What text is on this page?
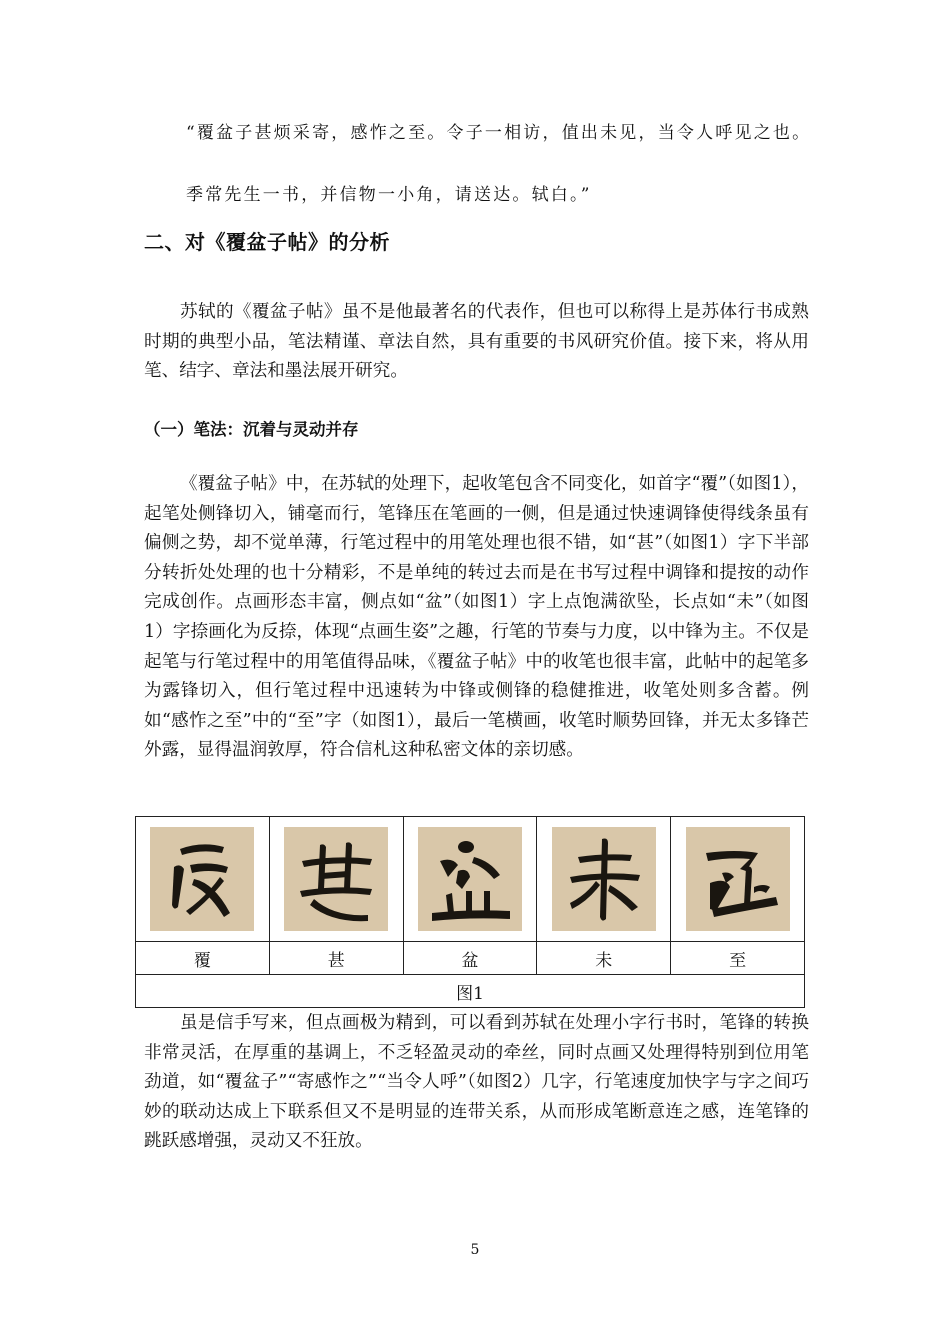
“覆盆子甚烦采寄，感怍之至。令子一相访，值出未见，当令人呼见之也。
季常先生一书，并信物一小角，请送达。轼白。”
二、对《覆盆子帖》的分析

苏轼的《覆盆子帖》虽不是他最著名的代表作，但也可以称得上是苏体行书成熟时期的典型小品，笔法精谨、章法自然，具有重要的书风研究价值。接下来，将从用笔、结字、章法和墨法展开研究。

（一）笔法：沉着与灵动并存

《覆盆子帖》中，在苏轼的处理下，起收笔包含不同变化，如首字“覆”（如图1），起笔处侧锋切入，铺毫而行，笔锋压在笔画的一侧，但是通过快速调锋使得线条虽有偏侧之势，却不觉单薄，行笔过程中的用笔处理也很不错，如“甚”（如图1）字下半部分转折处处理的也十分精彩，不是单纯的转过去而是在书写过程中调锋和提按的动作完成创作。点画形态丰富，侧点如“盆”（如图1）字上点饱满欲坠，长点如“未”（如图1）字捺画化为反捺，体现“点画生姿”之趣，行笔的节奏与力度，以中锋为主。不仅是起笔与行笔过程中的用笔值得品味，《覆盆子帖》中的收笔也很丰富，此帖中的起笔多为露锋切入，但行笔过程中迅速转为中锋或侧锋的稳健推进，收笔处则多含蓄。例如“感怍之至”中的“至”字（如图1），最后一笔横画，收笔时顺势回锋，并无太多锋芒外露，显得温润敦厚，符合信札这种私密文体的亲切感。

覆	甚	盆	未	至
图1				

虽是信手写来，但点画极为精到，可以看到苏轼在处理小字行书时，笔锋的转换非常灵活，在厚重的基调上，不乏轻盈灵动的牵丝，同时点画又处理得特别到位用笔劲道，如“覆盆子”“寄感怍之”“当令人呼”（如图2）几字，行笔速度加快字与字之间巧妙的联动达成上下联系但又不是明显的连带关系，从而形成笔断意连之感，连笔锋的跳跃感增强，灵动又不狂放。

5
